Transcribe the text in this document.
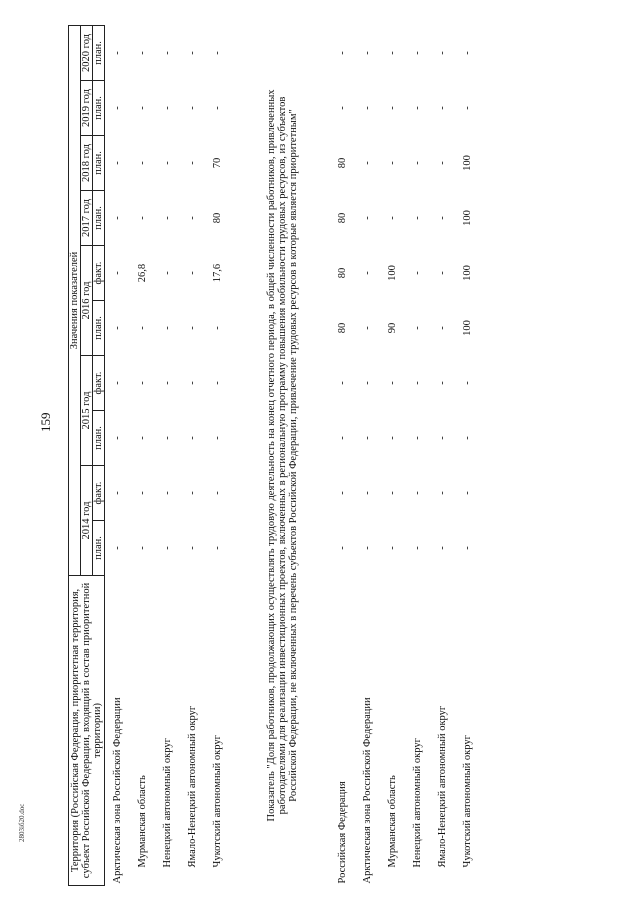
159
2803iб20.doc	Территория (Российская Федерация, приоритетная территория, субъект Российской Федерации, входящий в состав приоритетной территории)	Значения показателей									
	2014 год		2015 год		2016 год		2017 год	2018 год	2019 год	2020 год
	план.	факт.	план.	факт.	план.	факт.	план.	план.	план.	план.
Арктическая зона Российской Федерации	-	-	-	-	-	-	-	-	-	-
Мурманская область	-	-	-	-	-	26,8	-	-	-	-
Ненецкий автономный округ	-	-	-	-	-	-	-	-	-	-
Ямало-Ненецкий автономный округ	-	-	-	-	-	-	-	-	-	-
Чукотский автономный округ	-	-	-	-	-	17,6	80	70	-	-
Показатель "Доля работников, продолжающих осуществлять трудовую деятельность на конец отчетного периода, в общей численности работников, привлеченных работодателями для реализации инвестиционных проектов, включенных в региональную программу повышения мобильности трудовых ресурсов, из субъектов Российской Федерации, не включенных в перечень субъектов Российской Федерации, привлечение трудовых ресурсов в которые является приоритетным"										
Российская Федерация	-	-	-	-	80	80	80	80	-	-
Арктическая зона Российской Федерации	-	-	-	-	-	-	-	-	-	-
Мурманская область	-	-	-	-	90	100	-	-	-	-
Ненецкий автономный округ	-	-	-	-	-	-	-	-	-	-
Ямало-Ненецкий автономный округ	-	-	-	-	-	-	-	-	-	-
Чукотский автономный округ	-	-	-	-	100	100	100	100	-	-
